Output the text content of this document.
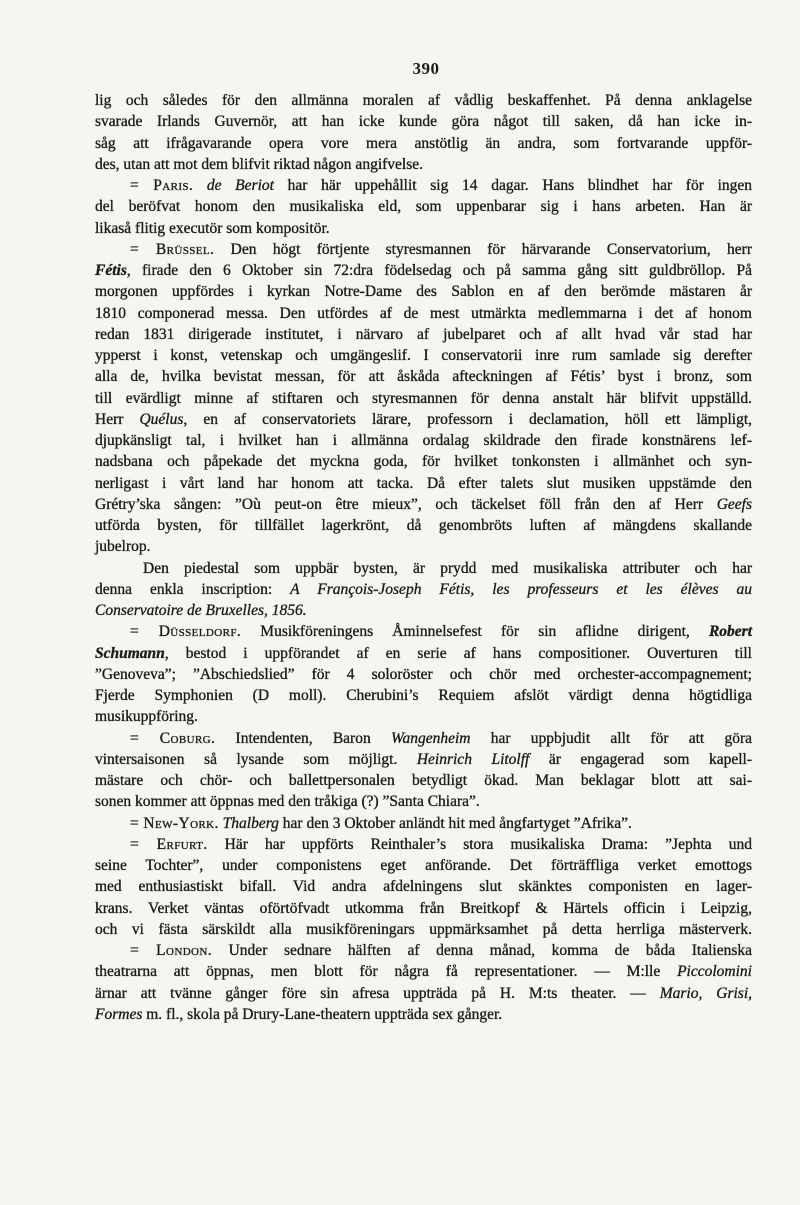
390
lig och således för den allmänna moralen af vådlig beskaffenhet. På denna anklagelse
svarade Irlands Guvernör, att han icke kunde göra något till saken, då han icke in-
såg att ifrågavarande opera vore mera anstötlig än andra, som fortvarande uppför-
des, utan att mot dem blifvit riktad någon angifvelse.
= Paris. de Beriot har här uppehållit sig 14 dagar. Hans blindhet har för ingen
del beröfvat honom den musikaliska eld, som uppenbarar sig i hans arbeten. Han är
likaså flitig executör som kompositör.
= Brüssel. Den högt förtjente styresmannen för härvarande Conservatorium, herr
Fétis, firade den 6 Oktober sin 72:dra födelsedag och på samma gång sitt guldbröllop. På
morgonen uppfördes i kyrkan Notre-Dame des Sablon en af den berömde mästaren år
1810 componerad messa. Den utfördes af de mest utmärkta medlemmarna i det af honom
redan 1831 dirigerade institutet, i närvaro af jubelparet och af allt hvad vår stad har
ypperst i konst, vetenskap och umgängeslif. I conservatorii inre rum samlade sig derefter
alla de, hvilka bevistat messan, för att åskåda afteckningen af Fétis’ byst i bronz, som
till evärdligt minne af stiftaren och styresmannen för denna anstalt här blifvit uppställd.
Herr Quélus, en af conservatoriets lärare, professorn i declamation, höll ett lämpligt,
djupkänsligt tal, i hvilket han i allmänna ordalag skildrade den firade konstnärens lef-
nadsbana och påpekade det myckna goda, för hvilket tonkonsten i allmänhet och syn-
nerligast i vårt land har honom att tacka. Då efter talets slut musiken uppstämde den
Grétry’ska sången: ”Où peut-on être mieux”, och täckelset föll från den af Herr Geefs
utförda bysten, för tillfället lagerkrönt, då genombröts luften af mängdens skallande
jubelrop.
Den piedestal som uppbär bysten, är prydd med musikaliska attributer och har
denna enkla inscription: A François-Joseph Fétis, les professeurs et les élèves au
Conservatoire de Bruxelles, 1856.
= Düsseldorf. Musikföreningens Åminnelsefest för sin aflidne dirigent, Robert
Schumann, bestod i uppförandet af en serie af hans compositioner. Ouverturen till
”Genoveva”; ”Abschiedslied” för 4 soloröster och chör med orchester-accompagnement;
Fjerde Symphonien (D moll). Cherubini’s Requiem afslöt värdigt denna högtidliga
musikuppföring.
= Coburg. Intendenten, Baron Wangenheim har uppbjudit allt för att göra
vintersaisonen så lysande som möjligt. Heinrich Litolff är engagerad som kapell-
mästare och chör- och ballettpersonalen betydligt ökad. Man beklagar blott att sai-
sonen kommer att öppnas med den tråkiga (?) ”Santa Chiara”.
= New-York. Thalberg har den 3 Oktober anländt hit med ångfartyget ”Afrika”.
= Erfurt. Här har uppförts Reinthaler’s stora musikaliska Drama: ”Jephta und
seine Tochter”, under componistens eget anförande. Det förträffliga verket emottogs
med enthusiastiskt bifall. Vid andra afdelningens slut skänktes componisten en lager-
krans. Verket väntas oförtöfvadt utkomma från Breitkopf & Härtels officin i Leipzig,
och vi fästa särskildt alla musikföreningars uppmärksamhet på detta herrliga mästerverk.
= London. Under sednare hälften af denna månad, komma de båda Italienska
theatrarna att öppnas, men blott för några få representationer. — M:lle Piccolomini
ärnar att tvänne gånger före sin afresa uppträda på H. M:ts theater. — Mario, Grisi,
Formes m. fl., skola på Drury-Lane-theatern uppträda sex gånger.
